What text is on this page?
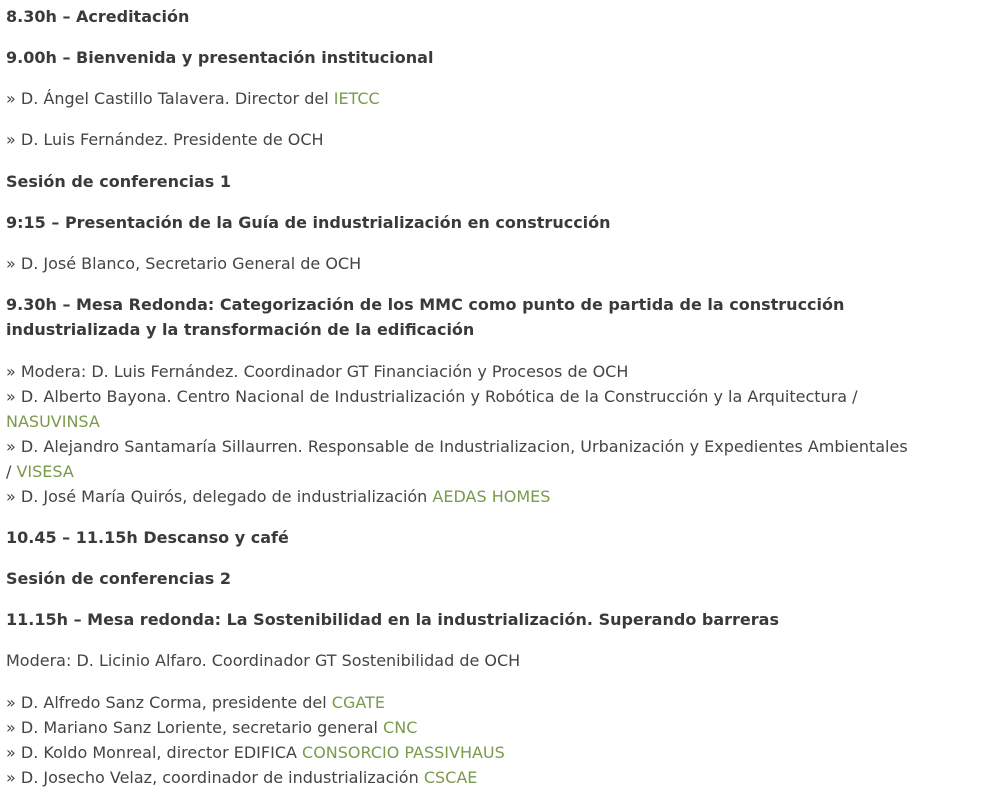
8.30h – Acreditación
9.00h – Bienvenida y presentación institucional
» D. Ángel Castillo Talavera. Director del IETCC
» D. Luis Fernández. Presidente de OCH
Sesión de conferencias 1
9:15 – Presentación de la Guía de industrialización en construcción
» D. José Blanco, Secretario General de OCH
9.30h – Mesa Redonda: Categorización de los MMC como punto de partida de la construcción industrializada y la transformación de la edificación
» Modera: D. Luis Fernández. Coordinador GT Financiación y Procesos de OCH
» D. Alberto Bayona. Centro Nacional de Industrialización y Robótica de la Construcción y la Arquitectura /
NASUVINSA
» D. Alejandro Santamaría Sillaurren. Responsable de Industrializacion, Urbanización y Expedientes Ambientales
/ VISESA
» D. José María Quirós, delegado de industrialización AEDAS HOMES
10.45 – 11.15h Descanso y café
Sesión de conferencias 2
11.15h – Mesa redonda: La Sostenibilidad en la industrialización. Superando barreras
Modera: D. Licinio Alfaro. Coordinador GT Sostenibilidad de OCH
» D. Alfredo Sanz Corma, presidente del CGATE
» D. Mariano Sanz Loriente, secretario general CNC
» D. Koldo Monreal, director EDIFICA CONSORCIO PASSIVHAUS
» D. Josecho Velaz, coordinador de industrialización CSCAE
